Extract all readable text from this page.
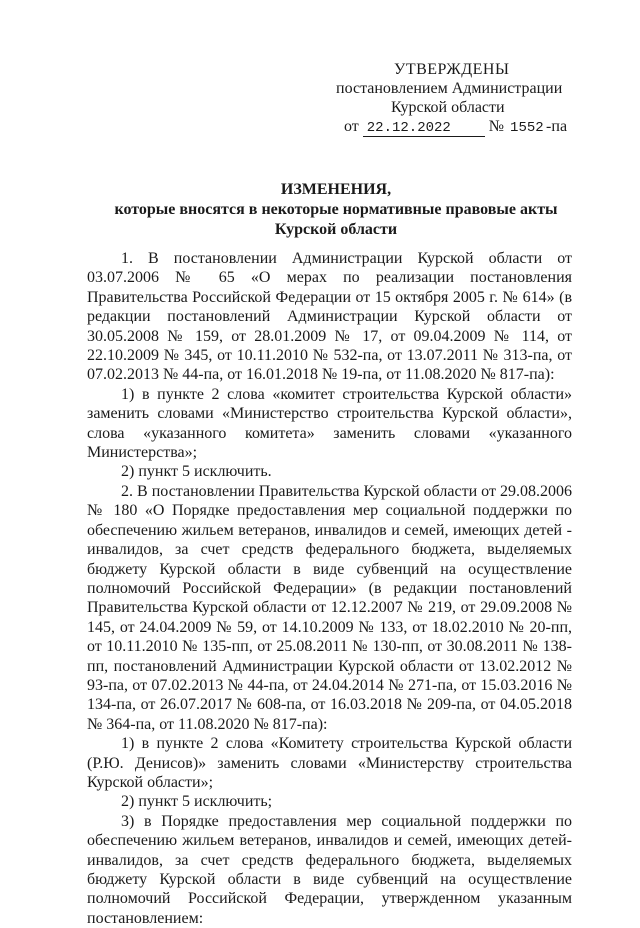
УТВЕРЖДЕНЫ
постановлением Администрации
Курской области
от 22.12.2022 № 1552 -па
ИЗМЕНЕНИЯ,
которые вносятся в некоторые нормативные правовые акты
Курской области

1. В постановлении Администрации Курской области от 03.07.2006 № 65 «О мерах по реализации постановления Правительства Российской Федерации от 15 октября 2005 г. № 614» (в редакции постановлений Администрации Курской области от 30.05.2008 № 159, от 28.01.2009 № 17, от 09.04.2009 № 114, от 22.10.2009 № 345, от 10.11.2010 № 532-па, от 13.07.2011 № 313-па, от 07.02.2013 № 44-па, от 16.01.2018 № 19-па, от 11.08.2020 № 817-па):

1) в пункте 2 слова «комитет строительства Курской области» заменить словами «Министерство строительства Курской области», слова «указанного комитета» заменить словами «указанного Министерства»;

2) пункт 5 исключить.

2. В постановлении Правительства Курской области от 29.08.2006 № 180 «О Порядке предоставления мер социальной поддержки по обеспечению жильем ветеранов, инвалидов и семей, имеющих детей - инвалидов, за счет средств федерального бюджета, выделяемых бюджету Курской области в виде субвенций на осуществление полномочий Российской Федерации» (в редакции постановлений Правительства Курской области от 12.12.2007 № 219, от 29.09.2008 № 145, от 24.04.2009 № 59, от 14.10.2009 № 133, от 18.02.2010 № 20-пп, от 10.11.2010 № 135-пп, от 25.08.2011 № 130-пп, от 30.08.2011 № 138-пп, постановлений Администрации Курской области от 13.02.2012 № 93-па, от 07.02.2013 № 44-па, от 24.04.2014 № 271-па, от 15.03.2016 № 134-па, от 26.07.2017 № 608-па, от 16.03.2018 № 209-па, от 04.05.2018 № 364-па, от 11.08.2020 № 817-па):

1) в пункте 2 слова «Комитету строительства Курской области (Р.Ю. Денисов)» заменить словами «Министерству строительства Курской области»;

2) пункт 5 исключить;

3) в Порядке предоставления мер социальной поддержки по обеспечению жильем ветеранов, инвалидов и семей, имеющих детей-инвалидов, за счет средств федерального бюджета, выделяемых бюджету Курской области в виде субвенций на осуществление полномочий Российской Федерации, утвержденном указанным постановлением:
